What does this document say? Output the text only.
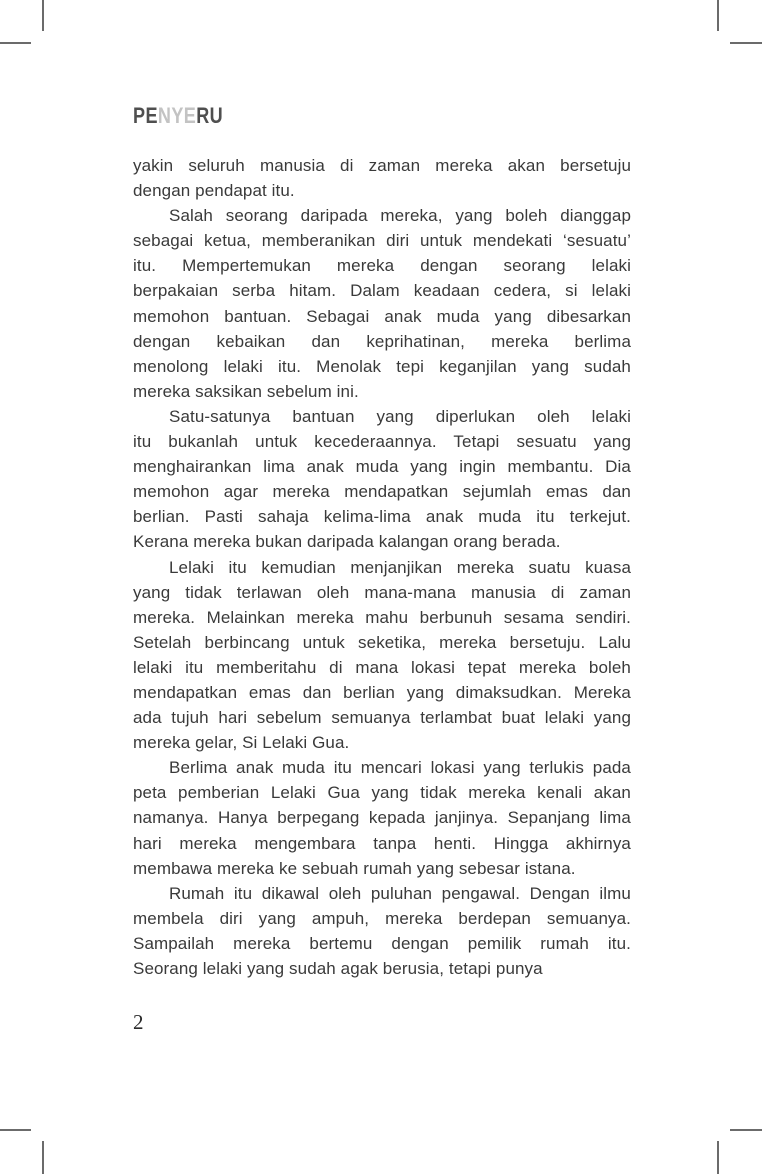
PENYERU
yakin seluruh manusia di zaman mereka akan bersetuju
dengan pendapat itu.
Salah seorang daripada mereka, yang boleh dianggap
sebagai ketua, memberanikan diri untuk mendekati ‘sesuatu’
itu. Mempertemukan mereka dengan seorang lelaki
berpakaian serba hitam. Dalam keadaan cedera, si lelaki
memohon bantuan. Sebagai anak muda yang dibesarkan
dengan kebaikan dan keprihatinan, mereka berlima
menolong lelaki itu. Menolak tepi keganjilan yang sudah
mereka saksikan sebelum ini.
Satu-satunya bantuan yang diperlukan oleh lelaki
itu bukanlah untuk kecederaannya. Tetapi sesuatu yang
menghairankan lima anak muda yang ingin membantu. Dia
memohon agar mereka mendapatkan sejumlah emas dan
berlian. Pasti sahaja kelima-lima anak muda itu terkejut.
Kerana mereka bukan daripada kalangan orang berada.
Lelaki itu kemudian menjanjikan mereka suatu kuasa
yang tidak terlawan oleh mana-mana manusia di zaman
mereka. Melainkan mereka mahu berbunuh sesama sendiri.
Setelah berbincang untuk seketika, mereka bersetuju. Lalu
lelaki itu memberitahu di mana lokasi tepat mereka boleh
mendapatkan emas dan berlian yang dimaksudkan. Mereka
ada tujuh hari sebelum semuanya terlambat buat lelaki yang
mereka gelar, Si Lelaki Gua.
Berlima anak muda itu mencari lokasi yang terlukis pada
peta pemberian Lelaki Gua yang tidak mereka kenali akan
namanya. Hanya berpegang kepada janjinya. Sepanjang lima
hari mereka mengembara tanpa henti. Hingga akhirnya
membawa mereka ke sebuah rumah yang sebesar istana.
Rumah itu dikawal oleh puluhan pengawal. Dengan ilmu
membela diri yang ampuh, mereka berdepan semuanya.
Sampailah mereka bertemu dengan pemilik rumah itu.
Seorang lelaki yang sudah agak berusia, tetapi punya
2
